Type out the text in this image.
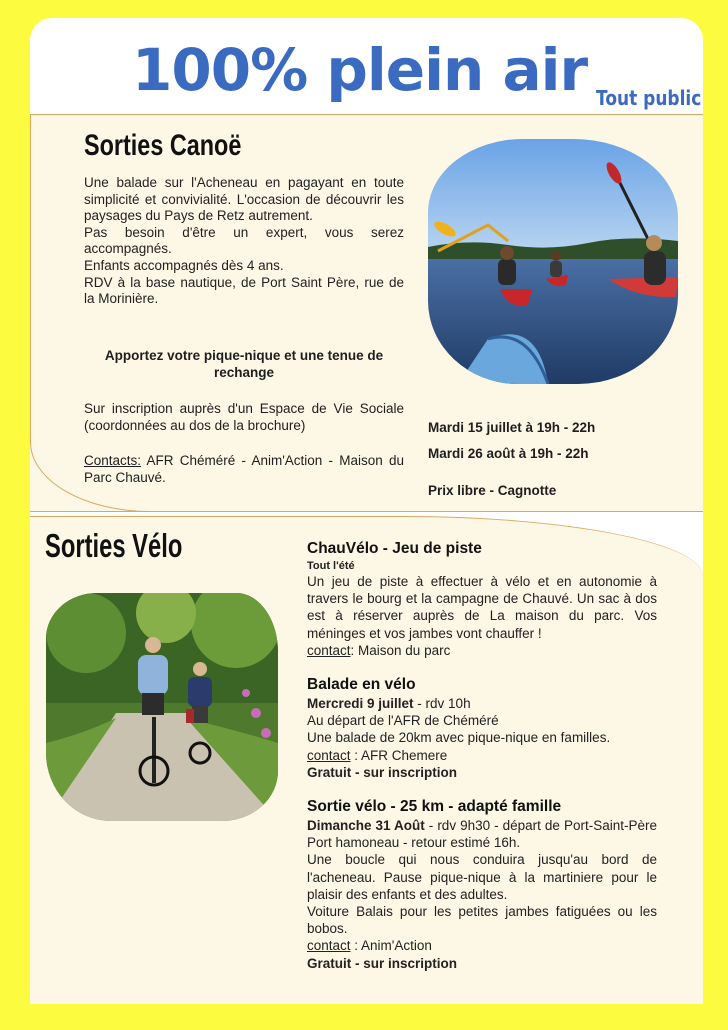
100% plein air Tout public
Sorties Canoë

Une balade sur l'Acheneau en pagayant en toute simplicité et convivialité. L'occasion de découvrir les paysages du Pays de Retz autrement.

Pas besoin d'être un expert, vous serez accompagnés.

Enfants accompagnés dès 4 ans.

RDV à la base nautique, de Port Saint Père, rue de la Morinière.

Apportez votre pique-nique et une tenue de rechange
Sur inscription auprès d'un Espace de Vie Sociale (coordonnées au dos de la brochure)
Contacts: AFR Chéméré - Anim'Action - Maison du Parc Chauvé.
Mardi 15 juillet à 19h - 22h
Mardi 26 août à 19h - 22h
Prix libre - Cagnotte
Sorties Vélo	ChauVélo - Jeu de piste
Tout l'été

Un jeu de piste à effectuer à vélo et en autonomie à travers le bourg et la campagne de Chauvé. Un sac à dos est à réserver auprès de La maison du parc. Vos méninges et vos jambes vont chauffer !

contact: Maison du parc

Balade en vélo

Mercredi 9 juillet - rdv 10h

Au départ de l'AFR de Chéméré

Une balade de 20km avec pique-nique en familles.

contact : AFR Chemere

Gratuit - sur inscription

Sortie vélo - 25 km - adapté famille

Dimanche 31 Août - rdv 9h30 - départ de Port-Saint-Père Port hamoneau - retour estimé 16h.

Une boucle qui nous conduira jusqu'au bord de l'acheneau. Pause pique-nique à la martiniere pour le plaisir des enfants et des adultes.

Voiture Balais pour les petites jambes fatiguées ou les bobos.

contact : Anim'Action

Gratuit - sur inscription
